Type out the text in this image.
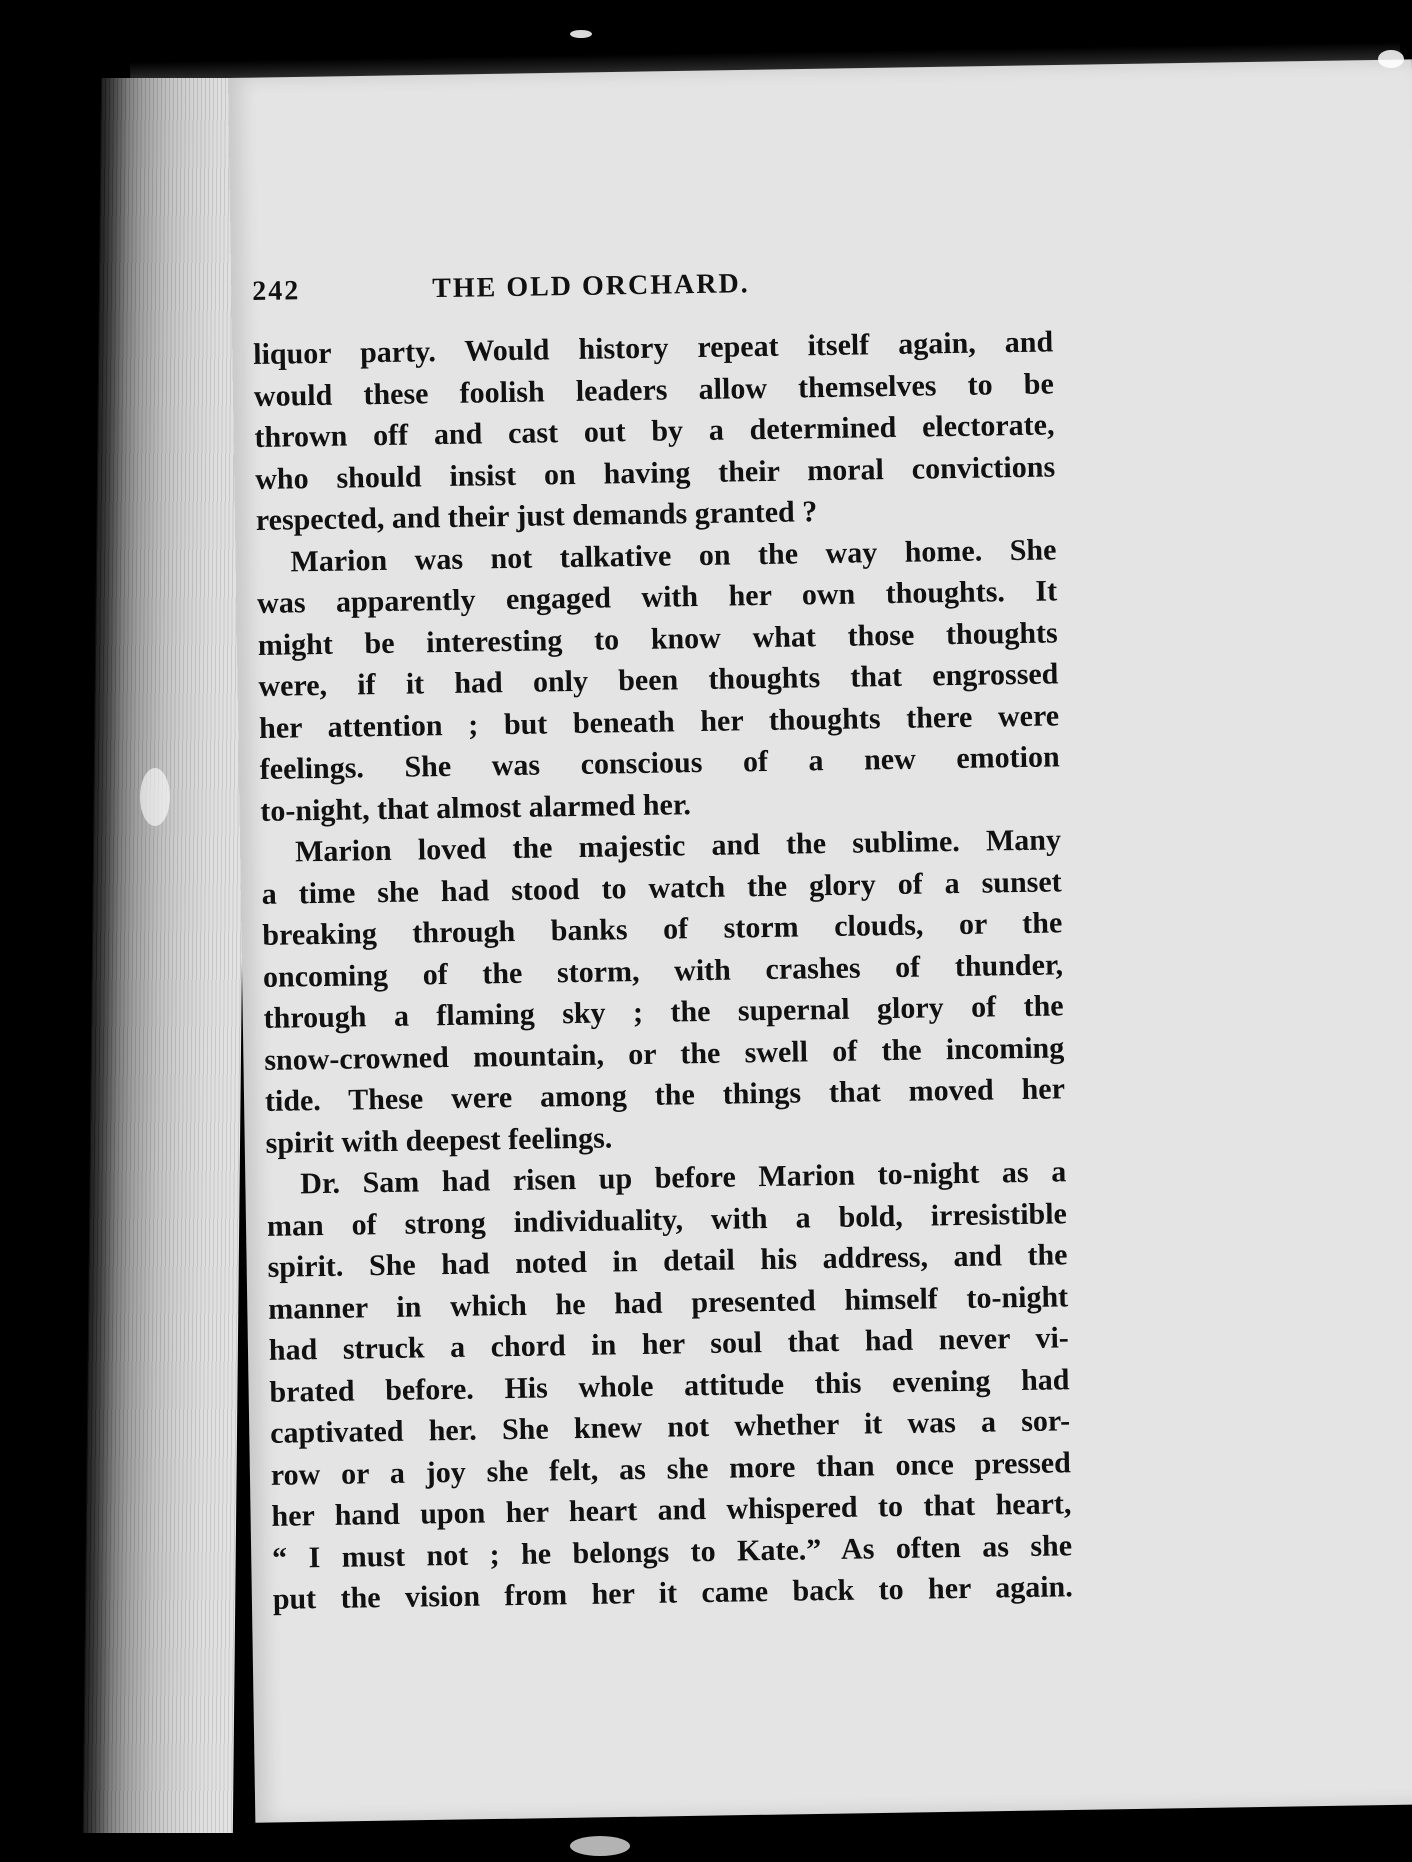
242	THE OLD ORCHARD.

liquor party. Would history repeat itself again, and
would these foolish leaders allow themselves to be
thrown off and cast out by a determined electorate,
who should insist on having their moral convictions
respected, and their just demands granted ?

Marion was not talkative on the way home. She
was apparently engaged with her own thoughts. It
might be interesting to know what those thoughts
were, if it had only been thoughts that engrossed
her attention ; but beneath her thoughts there were
feelings. She was conscious of a new emotion
to-night, that almost alarmed her.

Marion loved the majestic and the sublime. Many
a time she had stood to watch the glory of a sunset
breaking through banks of storm clouds, or the
oncoming of the storm, with crashes of thunder,
through a flaming sky ; the supernal glory of the
snow-crowned mountain, or the swell of the incoming
tide. These were among the things that moved her
spirit with deepest feelings.

Dr. Sam had risen up before Marion to-night as a
man of strong individuality, with a bold, irresistible
spirit. She had noted in detail his address, and the
manner in which he had presented himself to-night
had struck a chord in her soul that had never vi-
brated before. His whole attitude this evening had
captivated her. She knew not whether it was a sor-
row or a joy she felt, as she more than once pressed
her hand upon her heart and whispered to that heart,
“ I must not ; he belongs to Kate.” As often as she
put the vision from her it came back to her again.
